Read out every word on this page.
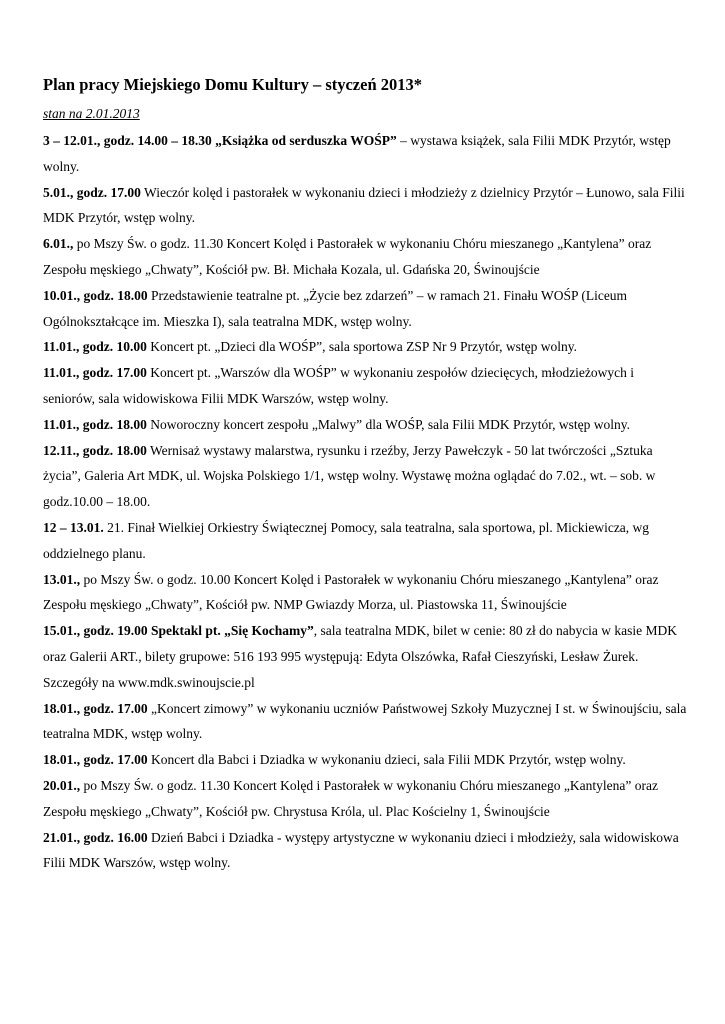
Plan pracy Miejskiego Domu Kultury – styczeń 2013*
stan na 2.01.2013

3 – 12.01., godz. 14.00 – 18.30 „Książka od serduszka WOŚP” – wystawa książek, sala Filii MDK Przytór, wstęp wolny.

5.01., godz. 17.00 Wieczór kolęd i pastorałek w wykonaniu dzieci i młodzieży z dzielnicy Przytór – Łunowo, sala Filii MDK Przytór, wstęp wolny.

6.01., po Mszy Św. o godz. 11.30 Koncert Kolęd i Pastorałek w wykonaniu Chóru mieszanego „Kantylena” oraz Zespołu męskiego „Chwaty”, Kościół pw. Bł. Michała Kozala, ul. Gdańska 20, Świnoujście

10.01., godz. 18.00 Przedstawienie teatralne pt. „Życie bez zdarzeń” – w ramach 21. Finału WOŚP (Liceum Ogólnokształcące im. Mieszka I), sala teatralna MDK, wstęp wolny.

11.01., godz. 10.00 Koncert pt. „Dzieci dla WOŚP”, sala sportowa ZSP Nr 9 Przytór, wstęp wolny.

11.01., godz. 17.00 Koncert pt. „Warszów dla WOŚP” w wykonaniu zespołów dziecięcych, młodzieżowych i seniorów, sala widowiskowa Filii MDK Warszów, wstęp wolny.

11.01., godz. 18.00 Noworoczny koncert zespołu „Malwy” dla WOŚP, sala Filii MDK Przytór, wstęp wolny.

12.11., godz. 18.00 Wernisaż wystawy malarstwa, rysunku i rzeźby, Jerzy Pawełczyk - 50 lat twórczości „Sztuka życia”, Galeria Art MDK, ul. Wojska Polskiego 1/1, wstęp wolny. Wystawę można oglądać do 7.02., wt. – sob. w godz.10.00 – 18.00.

12 – 13.01. 21. Finał Wielkiej Orkiestry Świątecznej Pomocy, sala teatralna, sala sportowa, pl. Mickiewicza, wg oddzielnego planu.

13.01., po Mszy Św. o godz. 10.00 Koncert Kolęd i Pastorałek w wykonaniu Chóru mieszanego „Kantylena” oraz Zespołu męskiego „Chwaty”, Kościół pw. NMP Gwiazdy Morza, ul. Piastowska 11, Świnoujście

15.01., godz. 19.00 Spektakl pt. „Się Kochamy”, sala teatralna MDK, bilet w cenie: 80 zł do nabycia w kasie MDK oraz Galerii ART., bilety grupowe: 516 193 995 występują: Edyta Olszówka, Rafał Cieszyński, Lesław Żurek. Szczegóły na www.mdk.swinoujscie.pl

18.01., godz. 17.00 „Koncert zimowy” w wykonaniu uczniów Państwowej Szkoły Muzycznej I st. w Świnoujściu, sala teatralna MDK, wstęp wolny.

18.01., godz. 17.00 Koncert dla Babci i Dziadka w wykonaniu dzieci, sala Filii MDK Przytór, wstęp wolny.

20.01., po Mszy Św. o godz. 11.30 Koncert Kolęd i Pastorałek w wykonaniu Chóru mieszanego „Kantylena” oraz Zespołu męskiego „Chwaty”, Kościół pw. Chrystusa Króla, ul. Plac Kościelny 1, Świnoujście

21.01., godz. 16.00 Dzień Babci i Dziadka - występy artystyczne w wykonaniu dzieci i młodzieży, sala widowiskowa Filii MDK Warszów, wstęp wolny.
